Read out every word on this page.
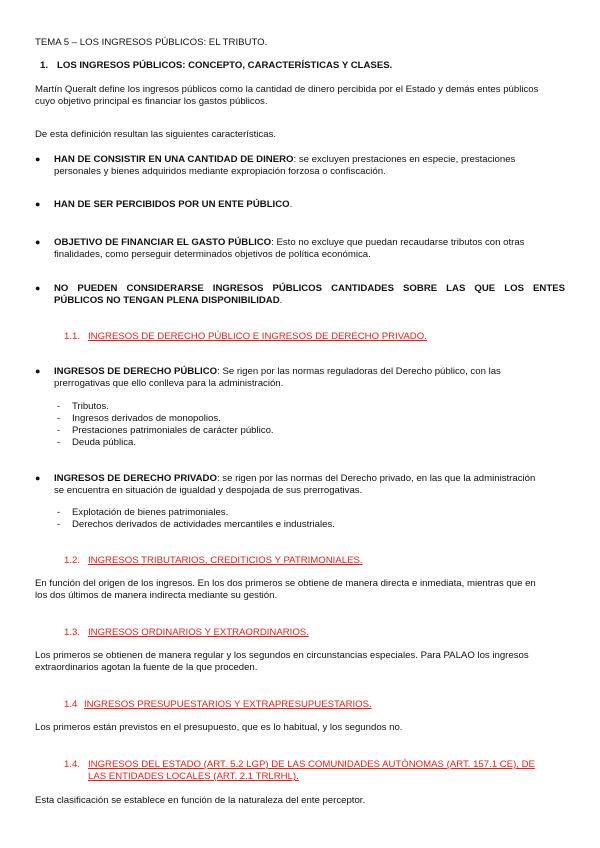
TEMA 5 – LOS INGRESOS PÚBLICOS: EL TRIBUTO.
1. LOS INGRESOS PÚBLICOS: CONCEPTO, CARACTERÍSTICAS Y CLASES.
Martín Queralt define los ingresos públicos como la cantidad de dinero percibida por el Estado y demás entes públicos
cuyo objetivo principal es financiar los gastos públicos.
De esta definición resultan las siguientes características.
● HAN DE CONSISTIR EN UNA CANTIDAD DE DINERO: se excluyen prestaciones en especie, prestaciones
personales y bienes adquiridos mediante expropiación forzosa o confiscación.
● HAN DE SER PERCIBIDOS POR UN ENTE PÚBLICO.
● OBJETIVO DE FINANCIAR EL GASTO PÚBLICO: Esto no excluye que puedan recaudarse tributos con otras
finalidades, como perseguir determinados objetivos de política económica.
● NO PUEDEN CONSIDERARSE INGRESOS PÚBLICOS CANTIDADES SOBRE LAS QUE LOS ENTES
PÚBLICOS NO TENGAN PLENA DISPONIBILIDAD.
1.1. INGRESOS DE DERECHO PÚBLICO E INGRESOS DE DERECHO PRIVADO.
● INGRESOS DE DERECHO PÚBLICO: Se rigen por las normas reguladoras del Derecho público, con las
prerrogativas que ello conlleva para la administración.
- Tributos.
- Ingresos derivados de monopolios.
- Prestaciones patrimoniales de carácter público.
- Deuda pública.
● INGRESOS DE DERECHO PRIVADO: se rigen por las normas del Derecho privado, en las que la administración
se encuentra en situación de igualdad y despojada de sus prerrogativas.
- Explotación de bienes patrimoniales.
- Derechos derivados de actividades mercantiles e industriales.
1.2. INGRESOS TRIBUTARIOS, CREDITICIOS Y PATRIMONIALES.
En función del origen de los ingresos. En los dos primeros se obtiene de manera directa e inmediata, mientras que en
los dos últimos de manera indirecta mediante su gestión.
1.3. INGRESOS ORDINARIOS Y EXTRAORDINARIOS.
Los primeros se obtienen de manera regular y los segundos en circunstancias especiales. Para PALAO los ingresos
extraordinarios agotan la fuente de la que proceden.
1.4 INGRESOS PRESUPUESTARIOS Y EXTRAPRESUPUESTARIOS.
Los primeros están previstos en el presupuesto, que es lo habitual, y los segundos no.
1.4. INGRESOS DEL ESTADO (ART. 5.2 LGP) DE LAS COMUNIDADES AUTÓNOMAS (ART. 157.1 CE), DE
LAS ENTIDADES LOCALES (ART. 2.1 TRLRHL).
Esta clasificación se establece en función de la naturaleza del ente perceptor.
